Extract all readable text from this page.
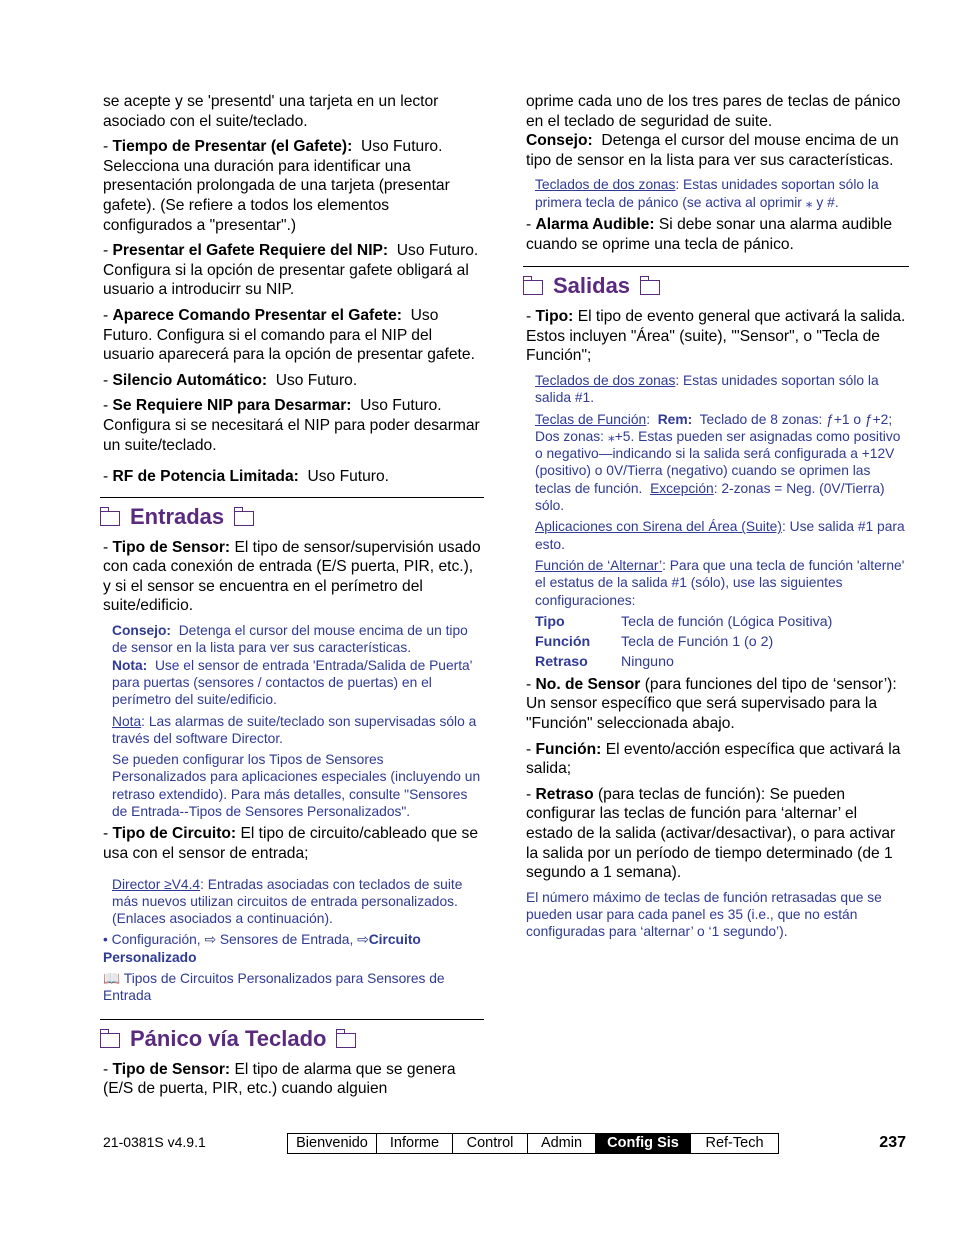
se acepte y se 'presentd' una tarjeta en un lector asociado con el suite/teclado.

- Tiempo de Presentar (el Gafete): Uso Futuro. Selecciona una duración para identificar una presentación prolongada de una tarjeta (presentar gafete). (Se refiere a todos los elementos configurados a "presentar".)

- Presentar el Gafete Requiere del NIP: Uso Futuro. Configura si la opción de presentar gafete obligará al usuario a introducirr su NIP.

- Aparece Comando Presentar el Gafete: Uso Futuro. Configura si el comando para el NIP del usuario aparecerá para la opción de presentar gafete.

- Silencio Automático: Uso Futuro.

- Se Requiere NIP para Desarmar: Uso Futuro. Configura si se necesitará el NIP para poder desarmar un suite/teclado.

- RF de Potencia Limitada: Uso Futuro.

Entradas

- Tipo de Sensor: El tipo de sensor/supervisión usado con cada conexión de entrada (E/S puerta, PIR, etc.), y si el sensor se encuentra en el perímetro del suite/edificio.

Consejo: Detenga el cursor del mouse encima de un tipo de sensor en la lista para ver sus características.

Nota: Use el sensor de entrada 'Entrada/Salida de Puerta' para puertas (sensores / contactos de puertas) en el perímetro del suite/edificio.

Nota: Las alarmas de suite/teclado son supervisadas sólo a través del software Director.

Se pueden configurar los Tipos de Sensores Personalizados para aplicaciones especiales (incluyendo un retraso extendido). Para más detalles, consulte "Sensores de Entrada--Tipos de Sensores Personalizados".

- Tipo de Circuito: El tipo de circuito/cableado que se usa con el sensor de entrada;

Director ≥V4.4: Entradas asociadas con teclados de suite más nuevos utilizan circuitos de entrada personalizados. (Enlaces asociados a continuación).

• Configuración, ⇨ Sensores de Entrada, ⇨Circuito Personalizado

📖 Tipos de Circuitos Personalizados para Sensores de Entrada

Pánico vía Teclado

- Tipo de Sensor: El tipo de alarma que se genera (E/S de puerta, PIR, etc.) cuando alguien

oprime cada uno de los tres pares de teclas de pánico en el teclado de seguridad de suite.

Consejo: Detenga el cursor del mouse encima de un tipo de sensor en la lista para ver sus características.

Teclados de dos zonas: Estas unidades soportan sólo la primera tecla de pánico (se activa al oprimir ⁎ y #.

- Alarma Audible: Si debe sonar una alarma audible cuando se oprime una tecla de pánico.

Salidas

- Tipo: El tipo de evento general que activará la salida. Estos incluyen "Área" (suite), '"Sensor", o "Tecla de Función";

Teclados de dos zonas: Estas unidades soportan sólo la salida #1.

Teclas de Función:  Rem: Teclado de 8 zonas: ƒ+1 o ƒ+2; Dos zonas: ⁎+5. Estas pueden ser asignadas como positivo o negativo—indicando si la salida será configurada a +12V (positivo) o 0V/Tierra (negativo) cuando se oprimen las teclas de función. Excepción: 2-zonas = Neg. (0V/Tierra) sólo.

Aplicaciones con Sirena del Área (Suite): Use salida #1 para esto.

Función de ‘Alternar’: Para que una tecla de función 'alterne' el estatus de la salida #1 (sólo), use las siguientes configuraciones:

Tipo	Tecla de función (Lógica Positiva)
Función	Tecla de Función 1 (o 2)
Retraso	Ninguno

- No. de Sensor (para funciones del tipo de ‘sensor’): Un sensor específico que será supervisado para la "Función" seleccionada abajo.

- Función: El evento/acción específica que activará la salida;

- Retraso (para teclas de función): Se pueden configurar las teclas de función para ‘alternar’ el estado de la salida (activar/desactivar), o para activar la salida por un período de tiempo determinado (de 1 segundo a 1 semana).

El número máximo de teclas de función retrasadas que se pueden usar para cada panel es 35 (i.e., que no están configuradas para ‘alternar’ o ‘1 segundo’).

21-0381S v4.9.1	Bienvenido	Informe	Control	Admin	Config Sis	Ref-Tech	237
